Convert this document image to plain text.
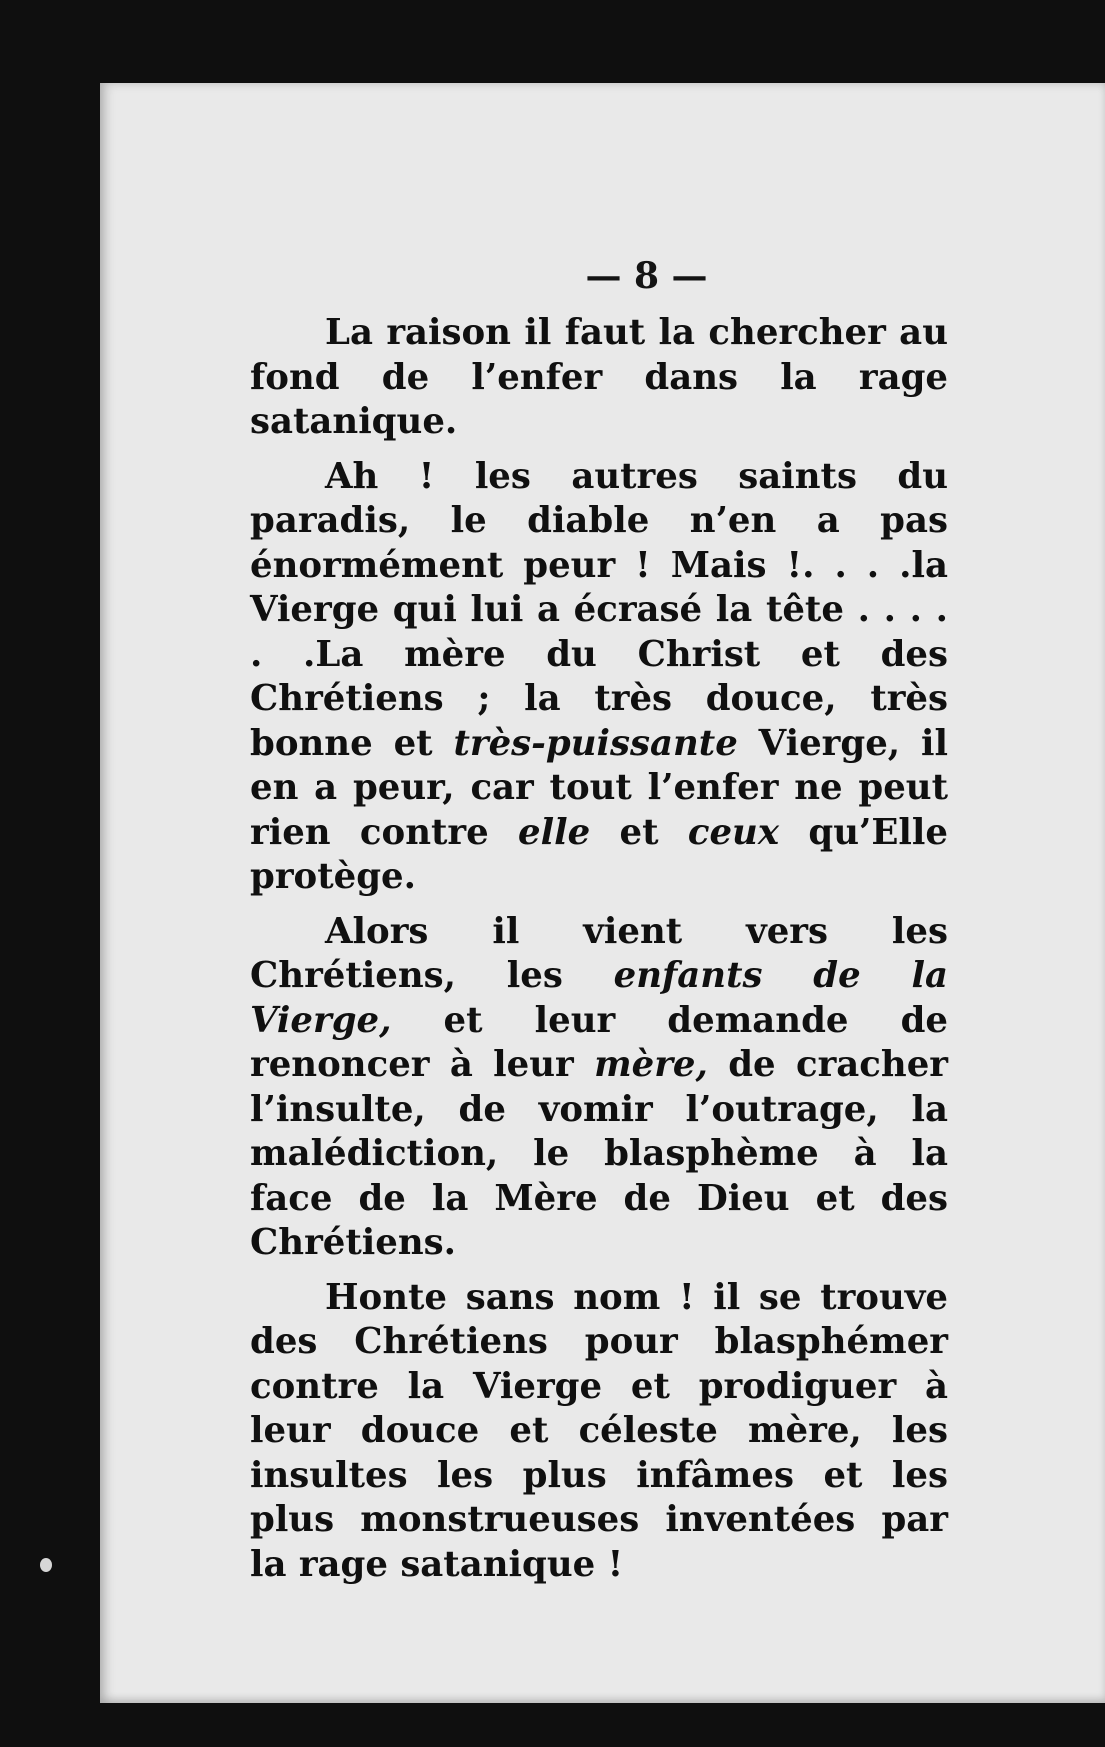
— 8 —

La raison il faut la chercher au fond de l’enfer dans la rage satanique.

Ah ! les autres saints du paradis, le diable n’en a pas énormément peur ! Mais !. . . .la Vierge qui lui a écrasé la tête . . . . . .La mère du Christ et des Chrétiens ; la très douce, très bonne et très-puissante Vierge, il en a peur, car tout l’enfer ne peut rien contre elle et ceux qu’Elle protège.

Alors il vient vers les Chrétiens, les enfants de la Vierge, et leur demande de renoncer à leur mère, de cracher l’insulte, de vomir l’outrage, la malédiction, le blasphème à la face de la Mère de Dieu et des Chrétiens.

Honte sans nom ! il se trouve des Chrétiens pour blasphémer contre la Vierge et prodiguer à leur douce et céleste mère, les insultes les plus infâmes et les plus monstrueuses inventées par la rage satanique !
